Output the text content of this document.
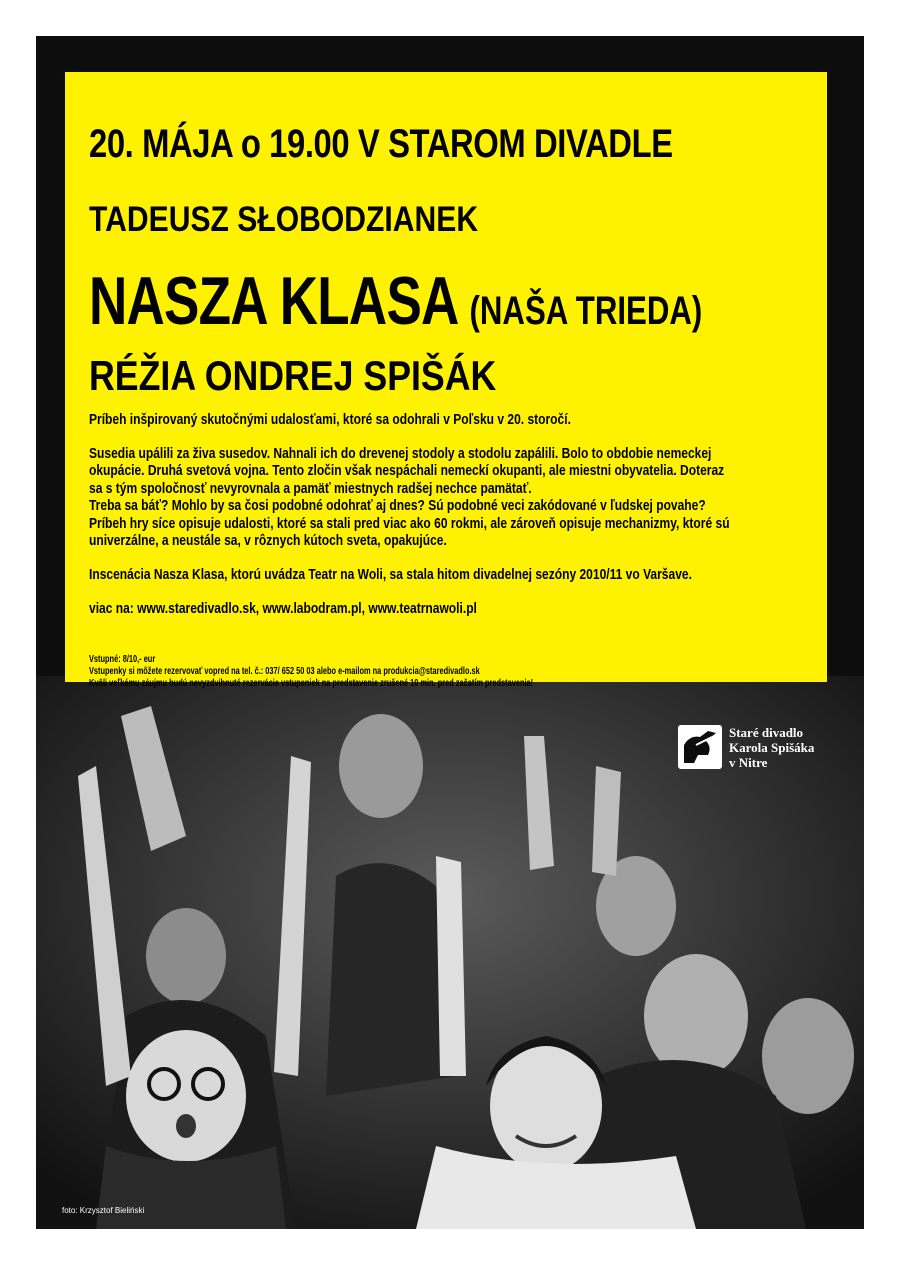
20. MÁJA o 19.00 V STAROM DIVADLE
TADEUSZ SŁOBODZIANEK
NASZA KLASA (NAŠA TRIEDA)
RÉŽIA ONDREJ SPIŠÁK

Príbeh inšpirovaný skutočnými udalosťami, ktoré sa odohrali v Poľsku v 20. storočí.

Susedia upálili za živa susedov. Nahnali ich do drevenej stodoly a stodolu zapálili. Bolo to obdobie nemeckej

okupácie. Druhá svetová vojna. Tento zločin však nespáchali nemeckí okupanti, ale miestni obyvatelia. Doteraz

sa s tým spoločnosť nevyrovnala a pamäť miestnych radšej nechce pamätať.

Treba sa báť? Mohlo by sa čosi podobné odohrať aj dnes? Sú podobné veci zakódované v ľudskej povahe?

Príbeh hry síce opisuje udalosti, ktoré sa stali pred viac ako 60 rokmi, ale zároveň opisuje mechanizmy, ktoré sú

univerzálne, a neustále sa, v rôznych kútoch sveta, opakujúce.

Inscenácia Nasza Klasa, ktorú uvádza Teatr na Woli, sa stala hitom divadelnej sezóny 2010/11 vo Varšave.

viac na: www.staredivadlo.sk, www.labodram.pl, www.teatrnawoli.pl

Vstupné: 8/10,- eur

Vstupenky si môžete rezervovať vopred na tel. č.: 037/ 652 50 03 alebo e-mailom na produkcia@staredivadlo.sk

Kvôli veľkému záujmu budú nevyzdvihnuté rezervácie vstupeniek na predstavenie zrušené 10 min. pred začatím predstavenia!

Staré divadlo
Karola Spišáka
v Nitre
foto: Krzysztof Bieliński
